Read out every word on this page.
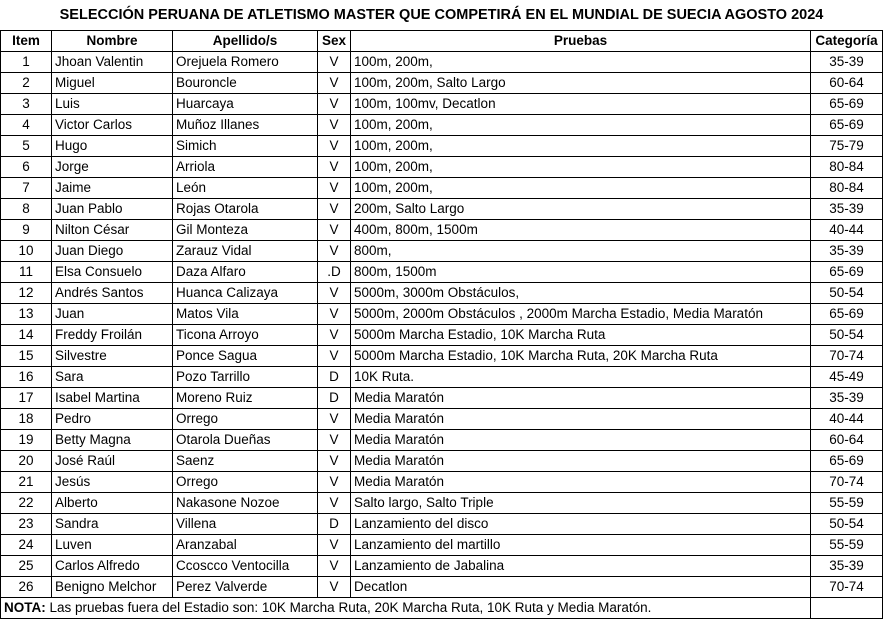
SELECCIÓN PERUANA DE ATLETISMO MASTER QUE COMPETIRÁ EN EL MUNDIAL DE SUECIA AGOSTO 2024
Item	Nombre	Apellido/s	Sex	Pruebas	Categoría
1	Jhoan Valentin	Orejuela Romero	V	100m, 200m,	35-39
2	Miguel	Bouroncle	V	100m, 200m, Salto Largo	60-64
3	Luis	Huarcaya	V	100m, 100mv, Decatlon	65-69
4	Victor Carlos	Muñoz Illanes	V	100m, 200m,	65-69
5	Hugo	Simich	V	100m, 200m,	75-79
6	Jorge	Arriola	V	100m, 200m,	80-84
7	Jaime	León	V	100m, 200m,	80-84
8	Juan Pablo	Rojas Otarola	V	200m, Salto Largo	35-39
9	Nilton César	Gil Monteza	V	400m, 800m, 1500m	40-44
10	Juan Diego	Zarauz Vidal	V	800m,	35-39
11	Elsa Consuelo	Daza Alfaro	.D	800m, 1500m	65-69
12	Andrés Santos	Huanca Calizaya	V	5000m, 3000m Obstáculos,	50-54
13	Juan	Matos Vila	V	5000m, 2000m Obstáculos , 2000m Marcha Estadio, Media Maratón	65-69
14	Freddy Froilán	Ticona Arroyo	V	5000m Marcha Estadio, 10K Marcha Ruta	50-54
15	Silvestre	Ponce Sagua	V	5000m Marcha Estadio, 10K Marcha Ruta, 20K Marcha Ruta	70-74
16	Sara	Pozo Tarrillo	D	10K Ruta.	45-49
17	Isabel Martina	Moreno Ruiz	D	Media Maratón	35-39
18	Pedro	Orrego	V	Media Maratón	40-44
19	Betty Magna	Otarola Dueñas	V	Media Maratón	60-64
20	José Raúl	Saenz	V	Media Maratón	65-69
21	Jesús	Orrego	V	Media Maratón	70-74
22	Alberto	Nakasone Nozoe	V	Salto largo, Salto Triple	55-59
23	Sandra	Villena	D	Lanzamiento del disco	50-54
24	Luven	Aranzabal	V	Lanzamiento del martillo	55-59
25	Carlos Alfredo	Ccoscco Ventocilla	V	Lanzamiento de Jabalina	35-39
26	Benigno Melchor	Perez Valverde	V	Decatlon	70-74
NOTA: Las pruebas fuera del Estadio son: 10K Marcha Ruta, 20K Marcha Ruta, 10K Ruta y Media Maratón.					
